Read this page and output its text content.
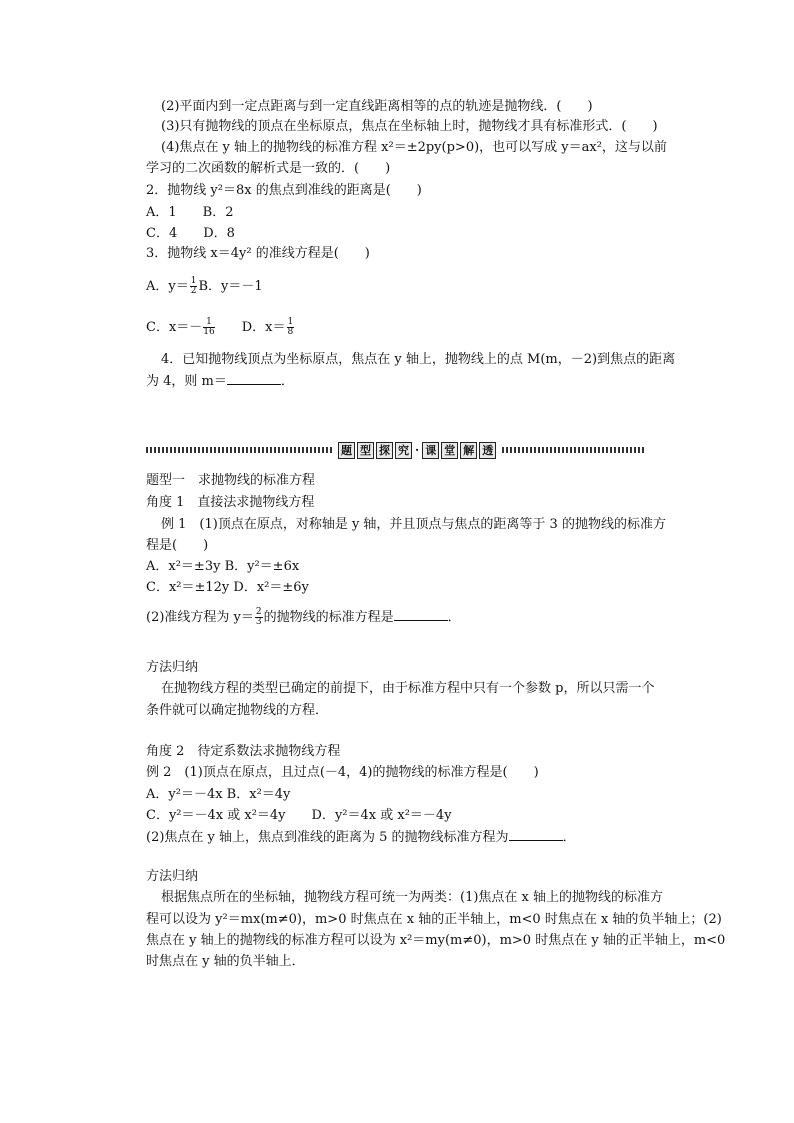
(2)平面内到一定点距离与到一定直线距离相等的点的轨迹是抛物线．(　　)
(3)只有抛物线的顶点在坐标原点，焦点在坐标轴上时，抛物线才具有标准形式．(　　)
(4)焦点在 y 轴上的抛物线的标准方程 x²＝±2py(p>0)，也可以写成 y＝ax²，这与以前
学习的二次函数的解析式是一致的．(　　)
2．抛物线 y²＝8x 的焦点到准线的距离是(　　)
A．1　　B．2
C．4　　D．8
3．抛物线 x＝4y² 的准线方程是(　　)
A．$y= \frac{1}{2}$ B．y＝－1
C．$x=- \frac{1}{16}$ 　　D．$x= \frac{1}{8}$
4．已知抛物线顶点为坐标原点，焦点在 y 轴上，抛物线上的点 M(m，－2)到焦点的距离
为 4，则 m＝	．
题 型 探 究 · 课 堂 解 透
题型一　求抛物线的标准方程
角度 1　直接法求抛物线方程
例 1　(1)顶点在原点，对称轴是 y 轴，并且顶点与焦点的距离等于 3 的抛物线的标准方
程是(　　)
A．x²＝±3y B．y²＝±6x
C．x²＝±12y D．x²＝±6y
(2)准线方程为 $y= \frac{2}{3}$ 的抛物线的标准方程是	．
方法归纳
在抛物线方程的类型已确定的前提下，由于标准方程中只有一个参数 p，所以只需一个
条件就可以确定抛物线的方程．
角度 2　待定系数法求抛物线方程
例 2　(1)顶点在原点，且过点(－4，4)的抛物线的标准方程是(　　)
A．y²＝－4x B．x²＝4y
C．y²＝－4x 或 x²＝4y　　D．y²＝4x 或 x²＝－4y
(2)焦点在 y 轴上，焦点到准线的距离为 5 的抛物线标准方程为	．
方法归纳
根据焦点所在的坐标轴，抛物线方程可统一为两类：(1)焦点在 x 轴上的抛物线的标准方
程可以设为 y²＝mx(m≠0)，m>0 时焦点在 x 轴的正半轴上，m<0 时焦点在 x 轴的负半轴上；(2)
焦点在 y 轴上的抛物线的标准方程可以设为 x²＝my(m≠0)，m>0 时焦点在 y 轴的正半轴上，m<0
时焦点在 y 轴的负半轴上．
